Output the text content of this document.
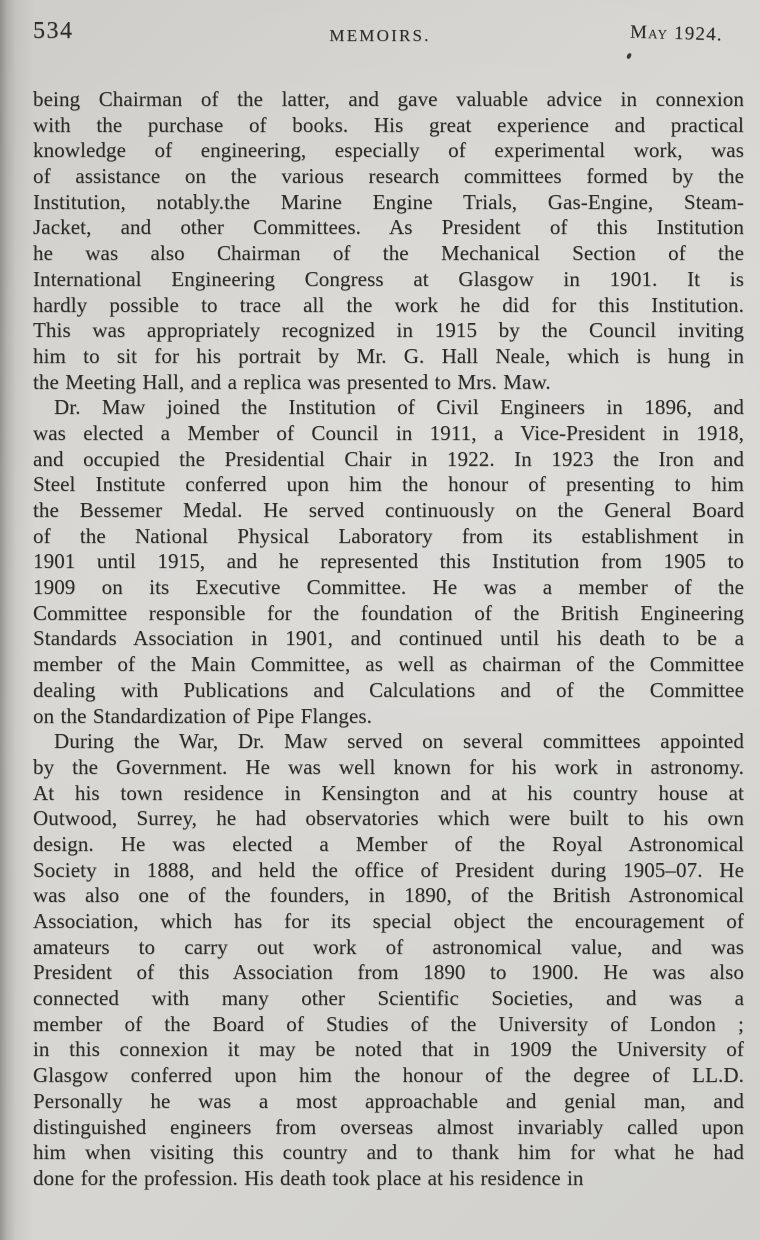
534	MEMOIRS.	May 1924.
being Chairman of the latter, and gave valuable advice in connexion
with the purchase of books. His great experience and practical
knowledge of engineering, especially of experimental work, was
of assistance on the various research committees formed by the
Institution, notably.the Marine Engine Trials, Gas-Engine, Steam-
Jacket, and other Committees. As President of this Institution
he was also Chairman of the Mechanical Section of the
International Engineering Congress at Glasgow in 1901. It is
hardly possible to trace all the work he did for this Institution.
This was appropriately recognized in 1915 by the Council inviting
him to sit for his portrait by Mr. G. Hall Neale, which is hung in
the Meeting Hall, and a replica was presented to Mrs. Maw.
Dr. Maw joined the Institution of Civil Engineers in 1896, and
was elected a Member of Council in 1911, a Vice-President in 1918,
and occupied the Presidential Chair in 1922. In 1923 the Iron and
Steel Institute conferred upon him the honour of presenting to him
the Bessemer Medal. He served continuously on the General Board
of the National Physical Laboratory from its establishment in
1901 until 1915, and he represented this Institution from 1905 to
1909 on its Executive Committee. He was a member of the
Committee responsible for the foundation of the British Engineering
Standards Association in 1901, and continued until his death to be a
member of the Main Committee, as well as chairman of the Committee
dealing with Publications and Calculations and of the Committee
on the Standardization of Pipe Flanges.
During the War, Dr. Maw served on several committees appointed
by the Government. He was well known for his work in astronomy.
At his town residence in Kensington and at his country house at
Outwood, Surrey, he had observatories which were built to his own
design. He was elected a Member of the Royal Astronomical
Society in 1888, and held the office of President during 1905–07. He
was also one of the founders, in 1890, of the British Astronomical
Association, which has for its special object the encouragement of
amateurs to carry out work of astronomical value, and was
President of this Association from 1890 to 1900. He was also
connected with many other Scientific Societies, and was a
member of the Board of Studies of the University of London ;
in this connexion it may be noted that in 1909 the University of
Glasgow conferred upon him the honour of the degree of LL.D.
Personally he was a most approachable and genial man, and
distinguished engineers from overseas almost invariably called upon
him when visiting this country and to thank him for what he had
done for the profession. His death took place at his residence in
